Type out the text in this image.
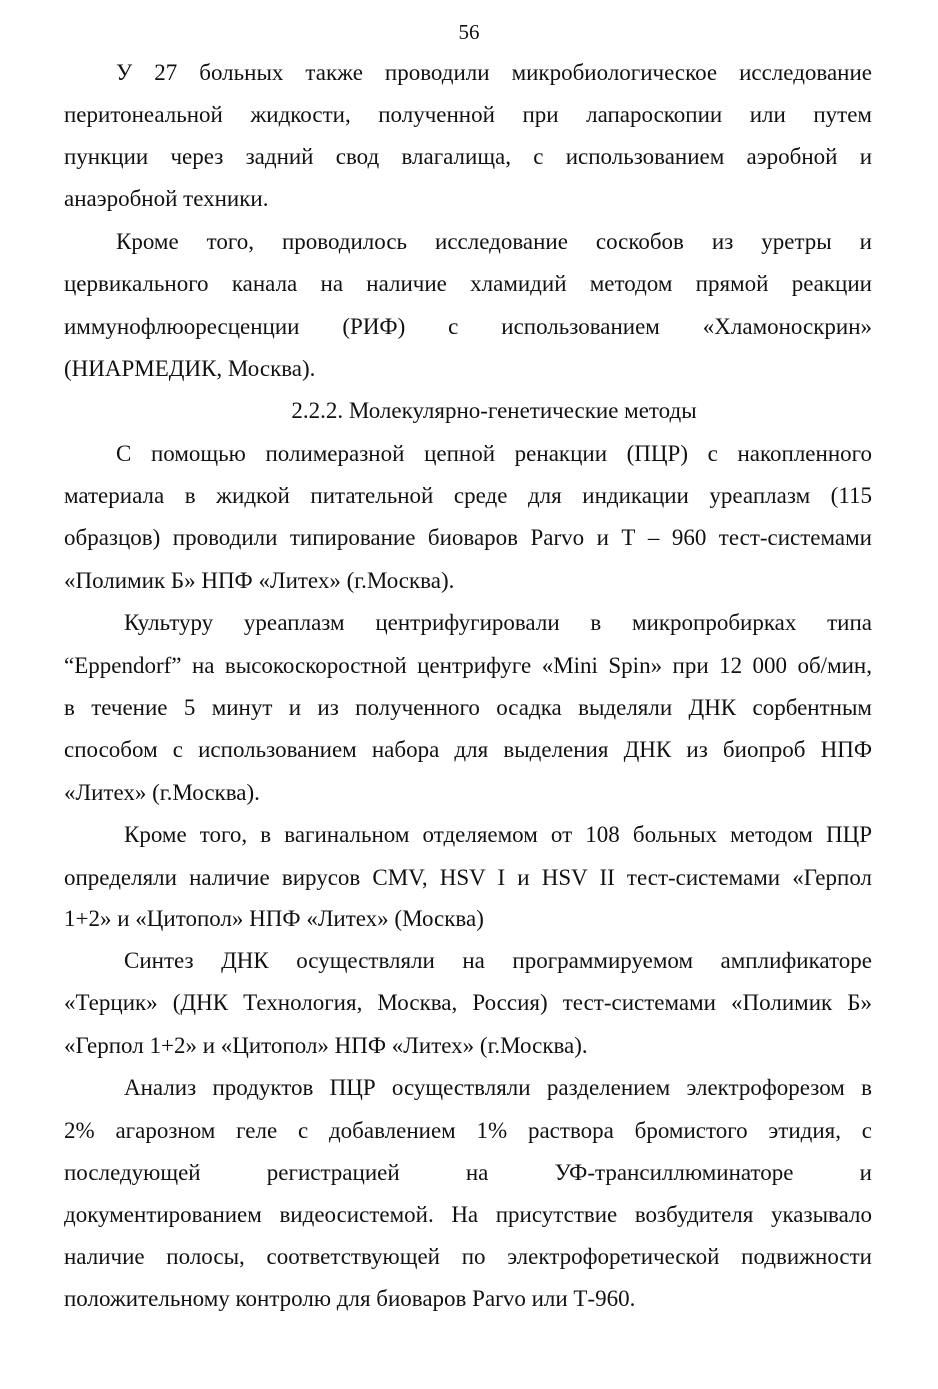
56
У 27 больных также проводили микробиологическое исследование
перитонеальной жидкости, полученной при лапароскопии или путем
пункции через задний свод влагалища, с использованием аэробной и
анаэробной техники.
Кроме того, проводилось исследование соскобов из уретры и
цервикального канала на наличие хламидий методом прямой реакции
иммунофлюоресценции (РИФ) с использованием «Хламоноскрин»
(НИАРМЕДИК, Москва).
2.2.2. Молекулярно-генетические методы
С помощью полимеразной цепной ренакции (ПЦР) с накопленного
материала в жидкой питательной среде для индикации уреаплазм (115
образцов) проводили типирование биоваров Parvo и Т – 960 тест-системами
«Полимик Б» НПФ «Литех» (г.Москва).
Культуру уреаплазм центрифугировали в микропробирках типа
“Eppendorf” на высокоскоростной центрифуге «Mini Spin» при 12 000 об/мин,
в течение 5 минут и из полученного осадка выделяли ДНК сорбентным
способом с использованием набора для выделения ДНК из биопроб НПФ
«Литех» (г.Москва).
Кроме того, в вагинальном отделяемом от 108 больных методом ПЦР
определяли наличие вирусов CMV, HSV I и HSV II тест-системами «Герпол
1+2» и «Цитопол» НПФ «Литех» (Москва)
Синтез ДНК осуществляли на программируемом амплификаторе
«Терцик» (ДНК Технология, Москва, Россия) тест-системами «Полимик Б»
«Герпол 1+2» и «Цитопол» НПФ «Литех» (г.Москва).
Анализ продуктов ПЦР осуществляли разделением электрофорезом в
2% агарозном геле с добавлением 1% раствора бромистого этидия, с
последующей регистрацией на УФ-трансиллюминаторе и
документированием видеосистемой. На присутствие возбудителя указывало
наличие полосы, соответствующей по электрофоретической подвижности
положительному контролю для биоваров Parvo или Т-960.
